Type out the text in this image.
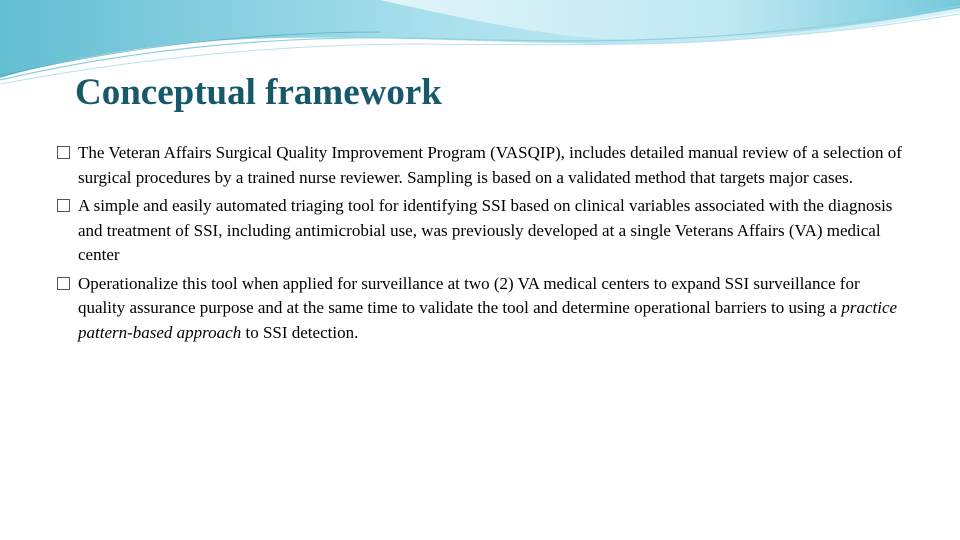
Conceptual framework
The Veteran Affairs Surgical Quality Improvement Program (VASQIP), includes detailed manual review of a selection of surgical procedures by a trained nurse reviewer. Sampling is based on a validated method that targets major cases.
A simple and easily automated triaging tool for identifying SSI based on clinical variables associated with the diagnosis and treatment of SSI, including antimicrobial use, was previously developed at a single Veterans Affairs (VA) medical center
Operationalize this tool when applied for surveillance at two (2) VA medical centers to expand SSI surveillance for quality assurance purpose and at the same time to validate the tool and determine operational barriers to using a practice pattern-based approach to SSI detection.
